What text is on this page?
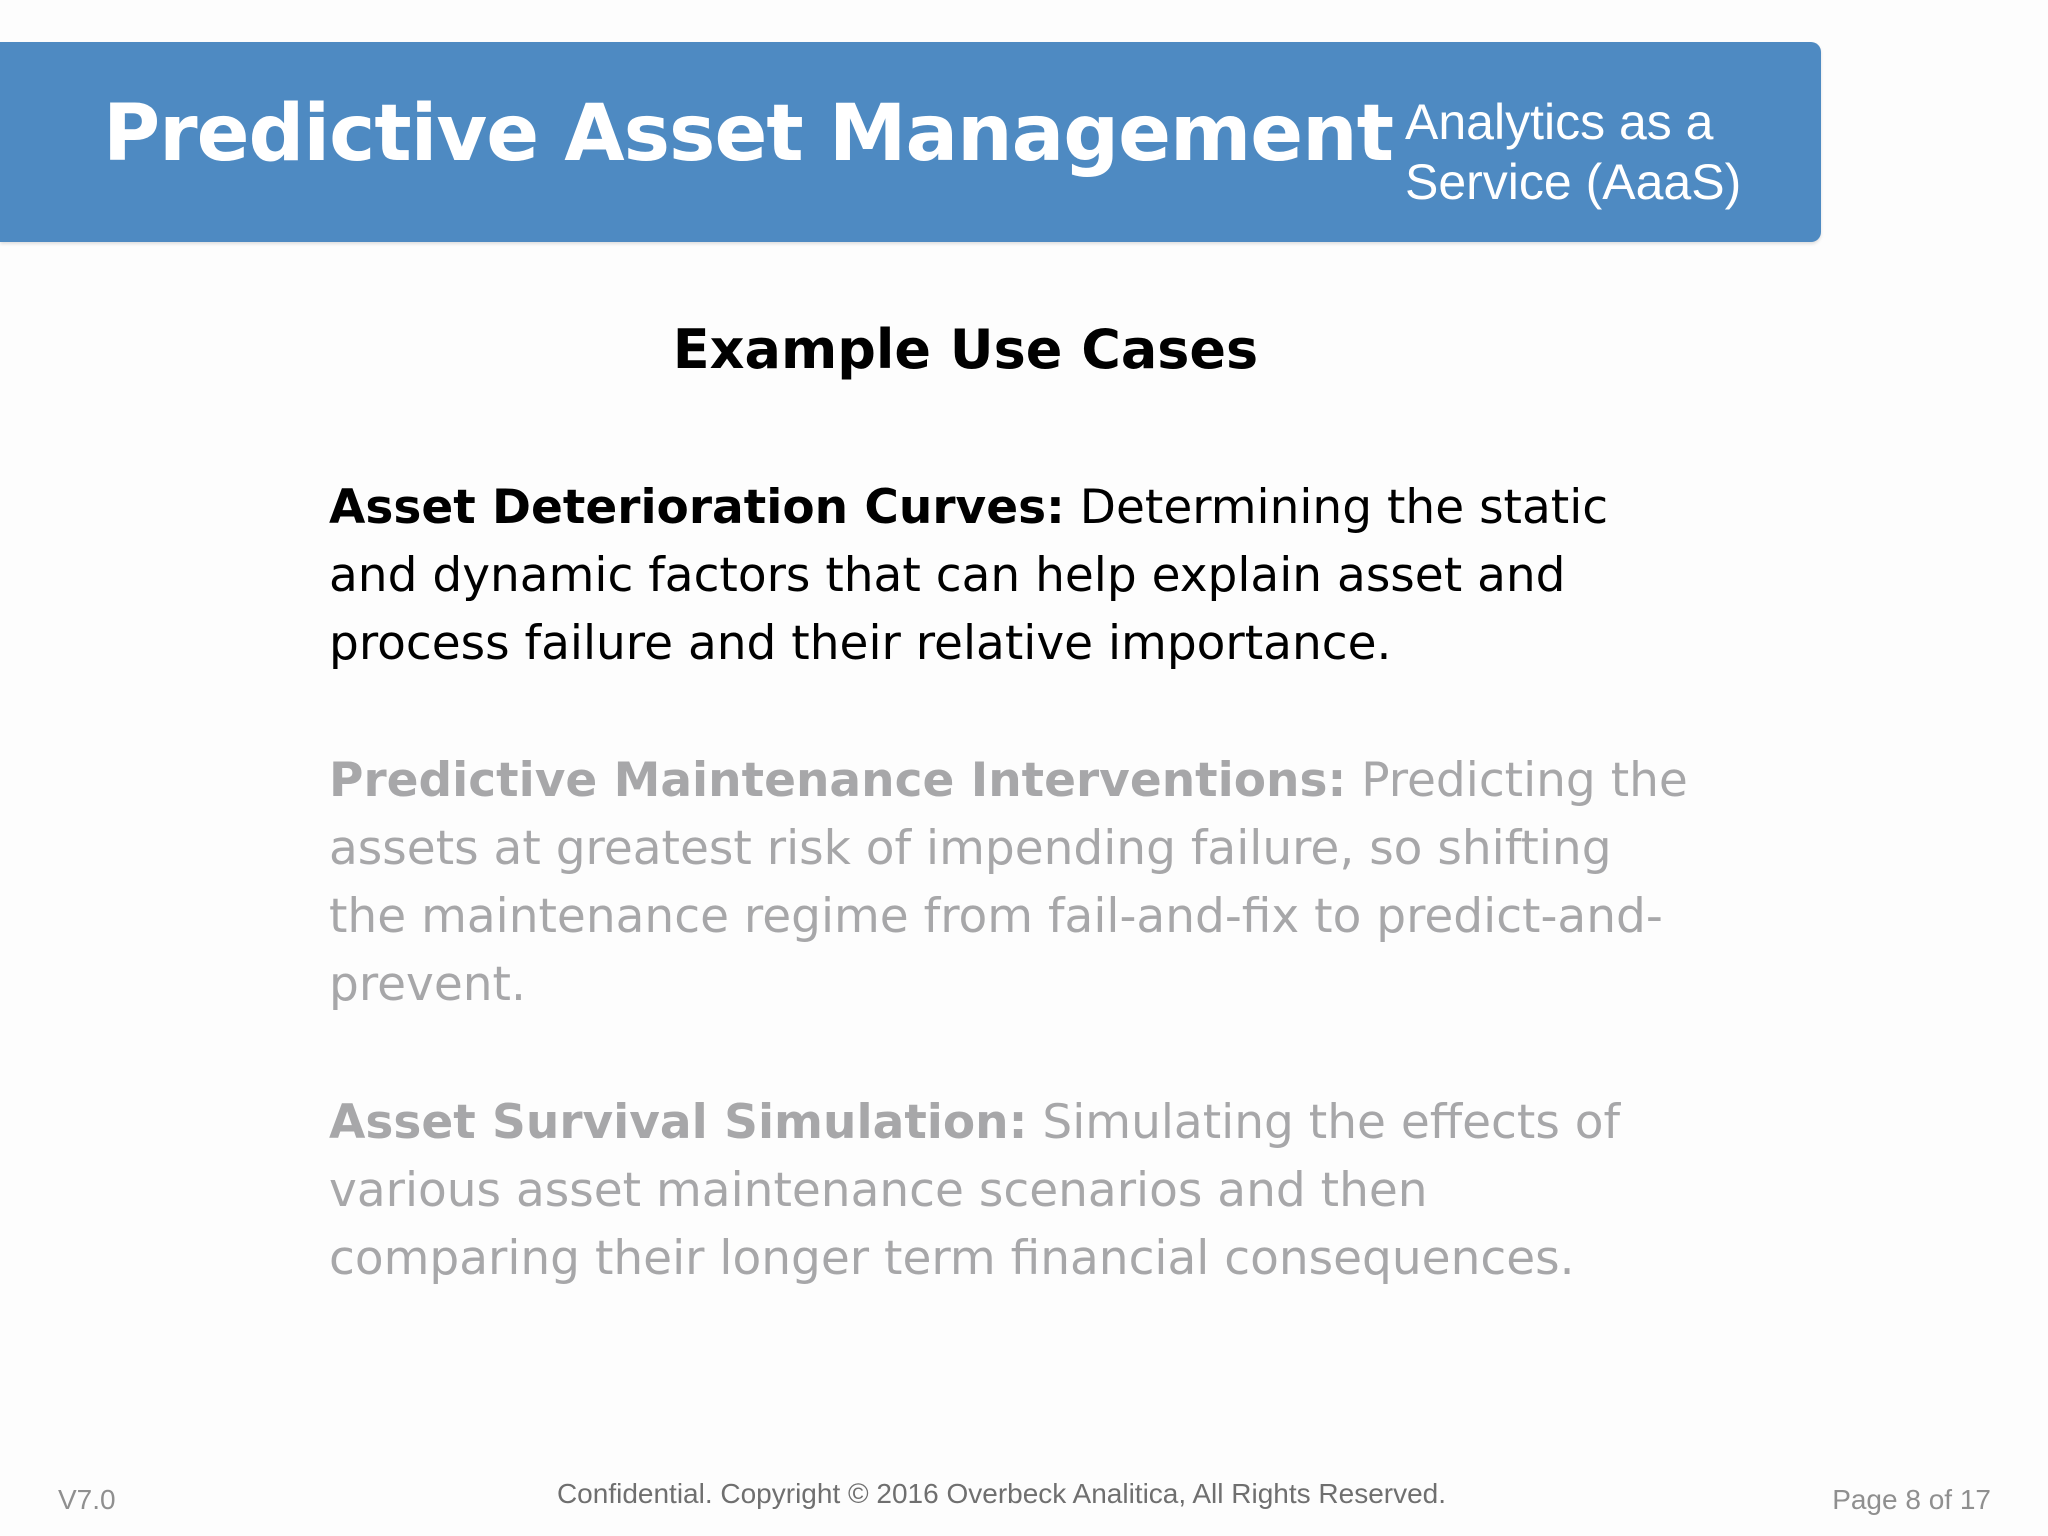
Predictive Asset Management Analytics as a
Service (AaaS)
Example Use Cases

Asset Deterioration Curves: Determining the static and dynamic factors that can help explain asset and process failure and their relative importance.

Predictive Maintenance Interventions: Predicting the assets at greatest risk of impending failure, so shifting the maintenance regime from fail-and-fix to predict-and-prevent.

Asset Survival Simulation: Simulating the effects of various asset maintenance scenarios and then comparing their longer term financial consequences.

V7.0	Confidential. Copyright © 2016 Overbeck Analitica, All Rights Reserved.	Page 8 of 17
